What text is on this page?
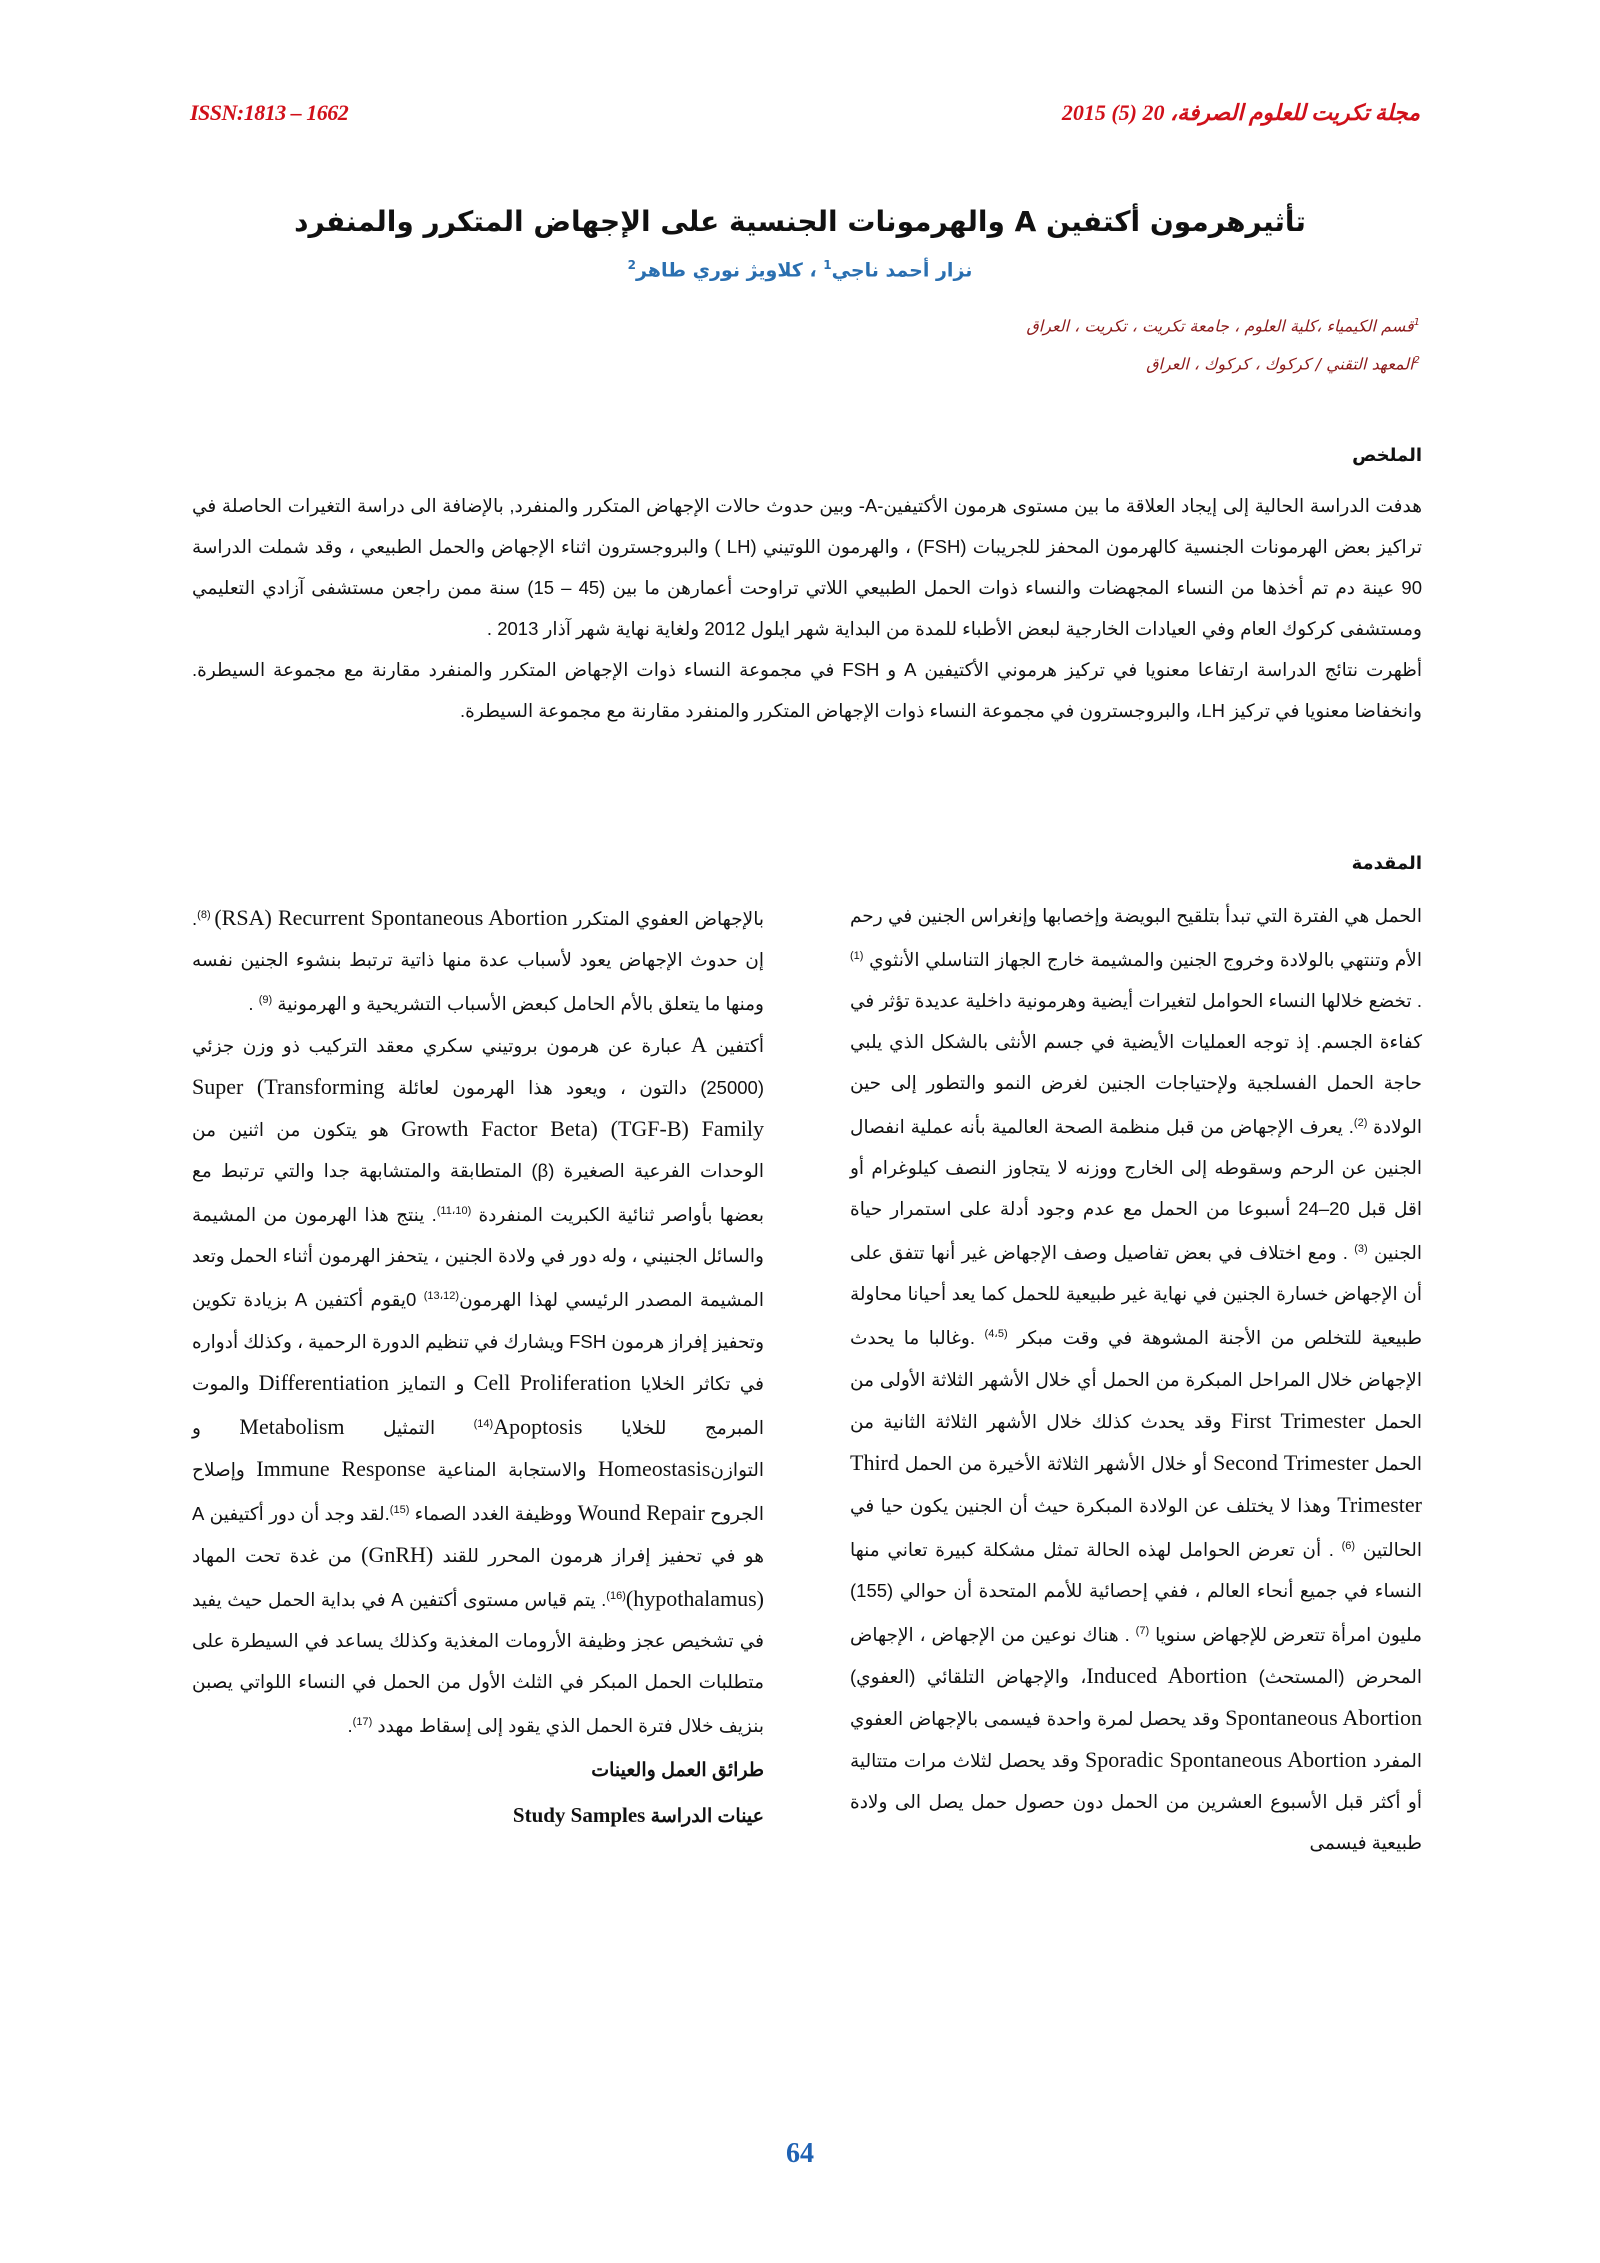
ISSN:1813 – 1662	مجلة تكريت للعلوم الصرفة، 20 (5) 2015
تأثيرهرمون أكتفين A والهرمونات الجنسية على الإجهاض المتكرر والمنفرد
نزار أحمد ناجي$^1$ ، كلاويژ نوري طاهر$^2$
$^1$قسم الكيمياء ،كلية العلوم ، جامعة تكريت ، تكريت ، العراق
$^2$المعهد التقني / كركوك ، كركوك ، العراق
الملخص

هدفت الدراسة الحالية إلى إيجاد العلاقة ما بين مستوى هرمون الأكتيفين-A- وبين حدوث حالات الإجهاض المتكرر والمنفرد, بالإضافة الى دراسة التغيرات الحاصلة في تراكيز بعض الهرمونات الجنسية كالهرمون المحفز للجريبات (FSH) ، والهرمون اللوتيني (LH ) والبروجسترون اثناء الإجهاض والحمل الطبيعي ، وقد شملت الدراسة 90 عينة دم تم أخذها من النساء المجهضات والنساء ذوات الحمل الطبيعي اللاتي تراوحت أعمارهن ما بين (45 – 15) سنة ممن راجعن مستشفى آزادي التعليمي ومستشفى كركوك العام وفي العيادات الخارجية لبعض الأطباء للمدة من البداية شهر ايلول 2012 ولغاية نهاية شهر آذار 2013 .

أظهرت نتائج الدراسة ارتفاعا معنويا في تركيز هرموني الأكتيفين A و FSH في مجموعة النساء ذوات الإجهاض المتكرر والمنفرد مقارنة مع مجموعة السيطرة. وانخفاضا معنويا في تركيز LH، والبروجسترون في مجموعة النساء ذوات الإجهاض المتكرر والمنفرد مقارنة مع مجموعة السيطرة.

المقدمة

الحمل هي الفترة التي تبدأ بتلقيح البويضة وإخصابها وإنغراس الجنين في رحم الأم وتنتهي بالولادة وخروج الجنين والمشيمة خارج الجهاز التناسلي الأنثوي $^{(1)}$ . تخضع خلالها النساء الحوامل لتغيرات أيضية وهرمونية داخلية عديدة تؤثر في كفاءة الجسم. إذ توجه العمليات الأيضية في جسم الأنثى بالشكل الذي يلبي حاجة الحمل الفسلجية ولإحتياجات الجنين لغرض النمو والتطور إلى حين الولادة $^{(2)}$. يعرف الإجهاض من قبل منظمة الصحة العالمية بأنه عملية انفصال الجنين عن الرحم وسقوطه إلى الخارج ووزنه لا يتجاوز النصف كيلوغرام أو اقل قبل 20–24 أسبوعا من الحمل مع عدم وجود أدلة على استمرار حياة الجنين $^{(3)}$ . ومع اختلاف في بعض تفاصيل وصف الإجهاض غير أنها تتفق على أن الإجهاض خسارة الجنين في نهاية غير طبيعية للحمل كما يعد أحيانا محاولة طبيعية للتخلص من الأجنة المشوهة في وقت مبكر $^{(4،5)}$ .وغالبا ما يحدث الإجهاض خلال المراحل المبكرة من الحمل أي خلال الأشهر الثلاثة الأولى من الحمل First Trimester وقد يحدث كذلك خلال الأشهر الثلاثة الثانية من الحمل Second Trimester أو خلال الأشهر الثلاثة الأخيرة من الحمل Third Trimester وهذا لا يختلف عن الولادة المبكرة حيث أن الجنين يكون حيا في الحالتين $^{(6)}$ . أن تعرض الحوامل لهذه الحالة تمثل مشكلة كبيرة تعاني منها النساء في جميع أنحاء العالم ، ففي إحصائية للأمم المتحدة أن حوالي (155) مليون امرأة تتعرض للإجهاض سنويا $^{(7)}$ . هناك نوعين من الإجهاض ، الإجهاض المحرض (المستحث) Induced Abortion، والإجهاض التلقائي (العفوي) Spontaneous Abortion وقد يحصل لمرة واحدة فيسمى بالإجهاض العفوي المفرد Sporadic Spontaneous Abortion وقد يحصل لثلاث مرات متتالية أو أكثر قبل الأسبوع العشرين من الحمل دون حصول حمل يصل الى ولادة طبيعية فيسمى

بالإجهاض العفوي المتكرر (RSA) Recurrent Spontaneous Abortion $^{(8)}$. إن حدوث الإجهاض يعود لأسباب عدة منها ذاتية ترتبط بنشوء الجنين نفسه ومنها ما يتعلق بالأم الحامل كبعض الأسباب التشريحية و الهرمونية $^{(9)}$ .

أكتفين A عبارة عن هرمون بروتيني سكري معقد التركيب ذو وزن جزئي (25000) دالتون ، ويعود هذا الهرمون لعائلة Super (Transforming Growth Factor Beta) (TGF-B) Family هو يتكون من اثنين من الوحدات الفرعية الصغيرة (β) المتطابقة والمتشابهة جدا والتي ترتبط مع بعضها بأواصر ثنائية الكبريت المنفردة $^{(11،10)}$. ينتج هذا الهرمون من المشيمة والسائل الجنيني ، وله دور في ولادة الجنين ، يتحفز الهرمون أثناء الحمل وتعد المشيمة المصدر الرئيسي لهذا الهرمون$^{(13،12)}$ 0يقوم أكتفين A بزيادة تكوين وتحفيز إفراز هرمون FSH ويشارك في تنظيم الدورة الرحمية ، وكذلك أدواره في تكاثر الخلايا Cell Proliferation و التمايز Differentiation والموت المبرمج للخلايا Apoptosis$^{(14)}$ التمثيل Metabolism و التوازنHomeostasis والاستجابة المناعية Immune Response وإصلاح الجروح Wound Repair ووظيفة الغدد الصماء $^{(15)}$.لقد وجد أن دور أكتيفين A هو في تحفيز إفراز هرمون المحرر للقند (GnRH) من غدة تحت المهاد (hypothalamus)$^{(16)}$. يتم قياس مستوى أكتفين A في بداية الحمل حيث يفيد في تشخيص عجز وظيفة الأرومات المغذية وكذلك يساعد في السيطرة على متطلبات الحمل المبكر في الثلث الأول من الحمل في النساء اللواتي يصبن بنزيف خلال فترة الحمل الذي يقود إلى إسقاط مهدد $^{(17)}$.

طرائق العمل والعينات
عينات الدراسة Study Samples
64
